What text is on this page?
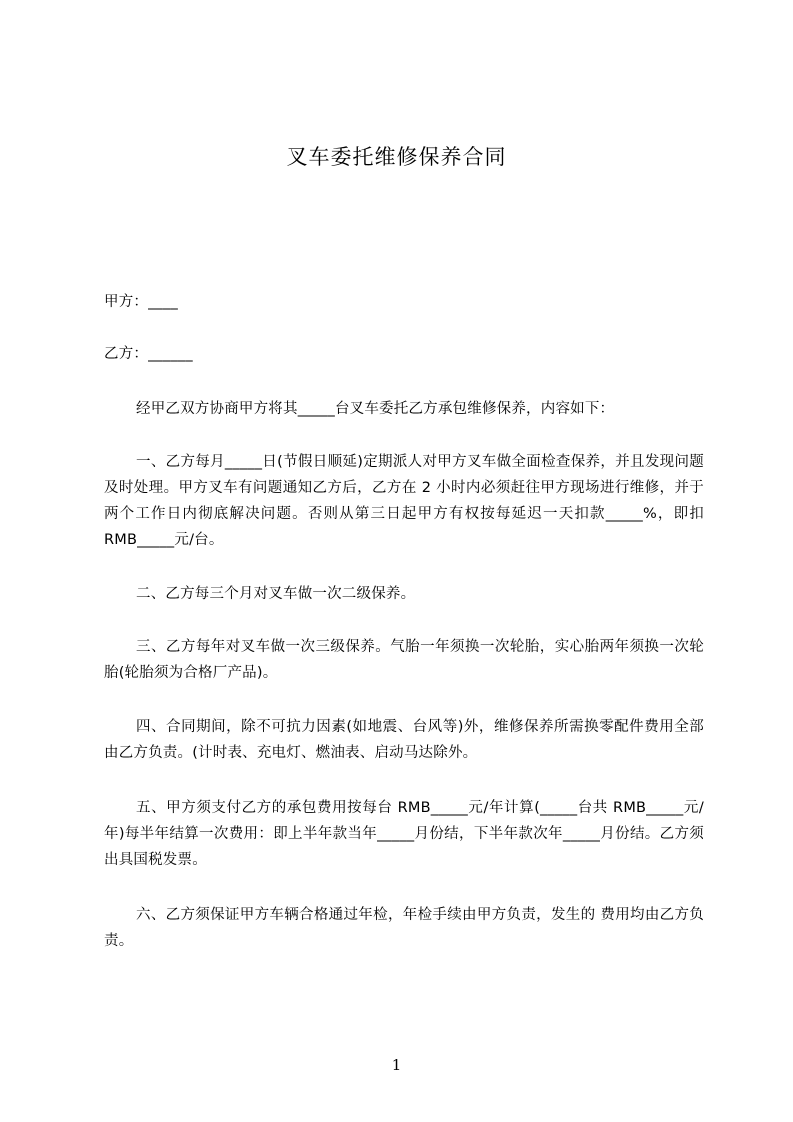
叉车委托维修保养合同

甲方：____

乙方：______

经甲乙双方协商甲方将其_____台叉车委托乙方承包维修保养，内容如下：

一、乙方每月_____日(节假日顺延)定期派人对甲方叉车做全面检查保养，并且发现问题及时处理。甲方叉车有问题通知乙方后，乙方在 2 小时内必须赶往甲方现场进行维修，并于两个工作日内彻底解决问题。否则从第三日起甲方有权按每延迟一天扣款_____%，即扣 RMB_____元/台。

二、乙方每三个月对叉车做一次二级保养。

三、乙方每年对叉车做一次三级保养。气胎一年须换一次轮胎，实心胎两年须换一次轮胎(轮胎须为合格厂产品)。

四、合同期间，除不可抗力因素(如地震、台风等)外，维修保养所需换零配件费用全部由乙方负责。(计时表、充电灯、燃油表、启动马达除外。

五、甲方须支付乙方的承包费用按每台 RMB_____元/年计算(_____台共 RMB_____元/年)每半年结算一次费用：即上半年款当年_____月份结，下半年款次年_____月份结。乙方须出具国税发票。

六、乙方须保证甲方车辆合格通过年检，年检手续由甲方负责，发生的 费用均由乙方负责。

1
